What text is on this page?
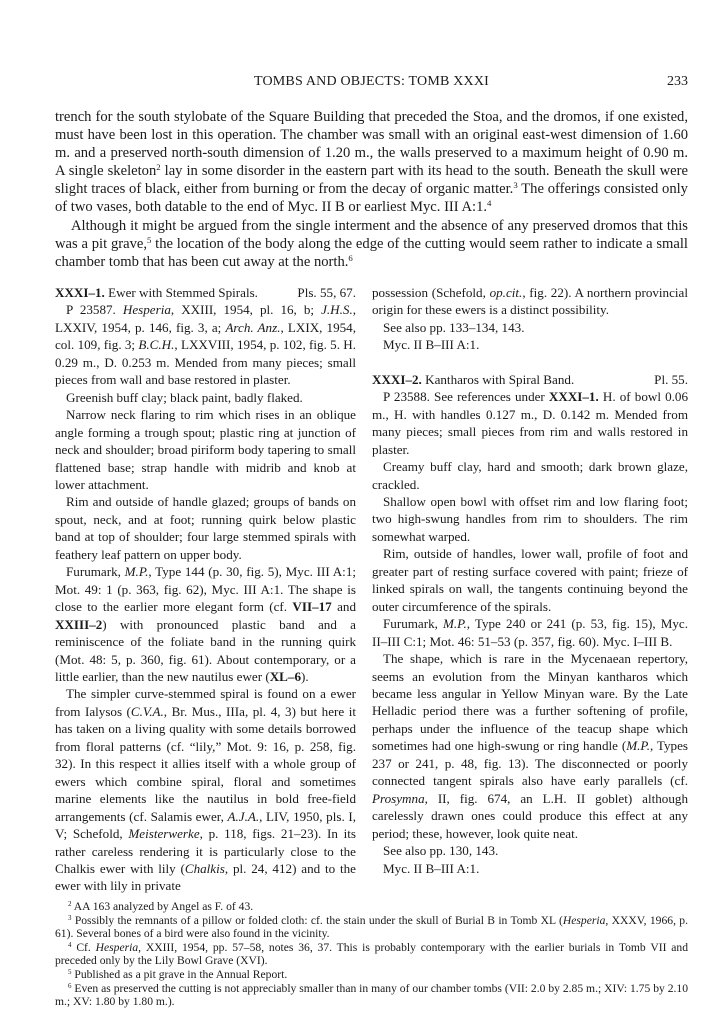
TOMBS AND OBJECTS: TOMB XXXI	233

trench for the south stylobate of the Square Building that preceded the Stoa, and the dromos, if one existed, must have been lost in this operation. The chamber was small with an original east-west dimension of 1.60 m. and a preserved north-south dimension of 1.20 m., the walls preserved to a maximum height of 0.90 m. A single skeleton$^2$ lay in some disorder in the eastern part with its head to the south. Beneath the skull were slight traces of black, either from burning or from the decay of organic matter.$^3$ The offerings consisted only of two vases, both datable to the end of Myc. II B or earliest Myc. III A:1.$^4$

Although it might be argued from the single interment and the absence of any preserved dromos that this was a pit grave,$^5$ the location of the body along the edge of the cutting would seem rather to indicate a small chamber tomb that has been cut away at the north.$^6$

XXXI–1. Ewer with Stemmed Spirals.	Pls. 55, 67.

P 23587. Hesperia, XXIII, 1954, pl. 16, b; J.H.S., LXXIV, 1954, p. 146, fig. 3, a; Arch. Anz., LXIX, 1954, col. 109, fig. 3; B.C.H., LXXVIII, 1954, p. 102, fig. 5. H. 0.29 m., D. 0.253 m. Mended from many pieces; small pieces from wall and base restored in plaster.

Greenish buff clay; black paint, badly flaked.

Narrow neck flaring to rim which rises in an oblique angle forming a trough spout; plastic ring at junction of neck and shoulder; broad piriform body tapering to small flattened base; strap handle with midrib and knob at lower attachment.

Rim and outside of handle glazed; groups of bands on spout, neck, and at foot; running quirk below plastic band at top of shoulder; four large stemmed spirals with feathery leaf pattern on upper body.

Furumark, M.P., Type 144 (p. 30, fig. 5), Myc. III A:1; Mot. 49: 1 (p. 363, fig. 62), Myc. III A:1. The shape is close to the earlier more elegant form (cf. VII–17 and XXIII–2) with pronounced plastic band and a reminiscence of the foliate band in the running quirk (Mot. 48: 5, p. 360, fig. 61). About contemporary, or a little earlier, than the new nautilus ewer (XL–6).

The simpler curve-stemmed spiral is found on a ewer from Ialysos (C.V.A., Br. Mus., IIIa, pl. 4, 3) but here it has taken on a living quality with some details borrowed from floral patterns (cf. “lily,” Mot. 9: 16, p. 258, fig. 32). In this respect it allies itself with a whole group of ewers which combine spiral, floral and sometimes marine elements like the nautilus in bold free-field arrangements (cf. Salamis ewer, A.J.A., LIV, 1950, pls. I, V; Schefold, Meisterwerke, p. 118, figs. 21–23). In its rather careless rendering it is particularly close to the Chalkis ewer with lily (Chalkis, pl. 24, 412) and to the ewer with lily in private

possession (Schefold, op.cit., fig. 22). A northern provincial origin for these ewers is a distinct possibility.

See also pp. 133–134, 143.

Myc. II B–III A:1.

XXXI–2. Kantharos with Spiral Band.	Pl. 55.

P 23588. See references under XXXI–1. H. of bowl 0.06 m., H. with handles 0.127 m., D. 0.142 m. Mended from many pieces; small pieces from rim and walls restored in plaster.

Creamy buff clay, hard and smooth; dark brown glaze, crackled.

Shallow open bowl with offset rim and low flaring foot; two high-swung handles from rim to shoulders. The rim somewhat warped.

Rim, outside of handles, lower wall, profile of foot and greater part of resting surface covered with paint; frieze of linked spirals on wall, the tangents continuing beyond the outer circumference of the spirals.

Furumark, M.P., Type 240 or 241 (p. 53, fig. 15), Myc. II–III C:1; Mot. 46: 51–53 (p. 357, fig. 60). Myc. I–III B.

The shape, which is rare in the Mycenaean repertory, seems an evolution from the Minyan kantharos which became less angular in Yellow Minyan ware. By the Late Helladic period there was a further softening of profile, perhaps under the influence of the teacup shape which sometimes had one high-swung or ring handle (M.P., Types 237 or 241, p. 48, fig. 13). The disconnected or poorly connected tangent spirals also have early parallels (cf. Prosymna, II, fig. 674, an L.H. II goblet) although carelessly drawn ones could produce this effect at any period; these, however, look quite neat.

See also pp. 130, 143.

Myc. II B–III A:1.

$^2$ AA 163 analyzed by Angel as F. of 43.

$^3$ Possibly the remnants of a pillow or folded cloth: cf. the stain under the skull of Burial B in Tomb XL (Hesperia, XXXV, 1966, p. 61). Several bones of a bird were also found in the vicinity.

$^4$ Cf. Hesperia, XXIII, 1954, pp. 57–58, notes 36, 37. This is probably contemporary with the earlier burials in Tomb VII and preceded only by the Lily Bowl Grave (XVI).

$^5$ Published as a pit grave in the Annual Report.

$^6$ Even as preserved the cutting is not appreciably smaller than in many of our chamber tombs (VII: 2.0 by 2.85 m.; XIV: 1.75 by 2.10 m.; XV: 1.80 by 1.80 m.).
